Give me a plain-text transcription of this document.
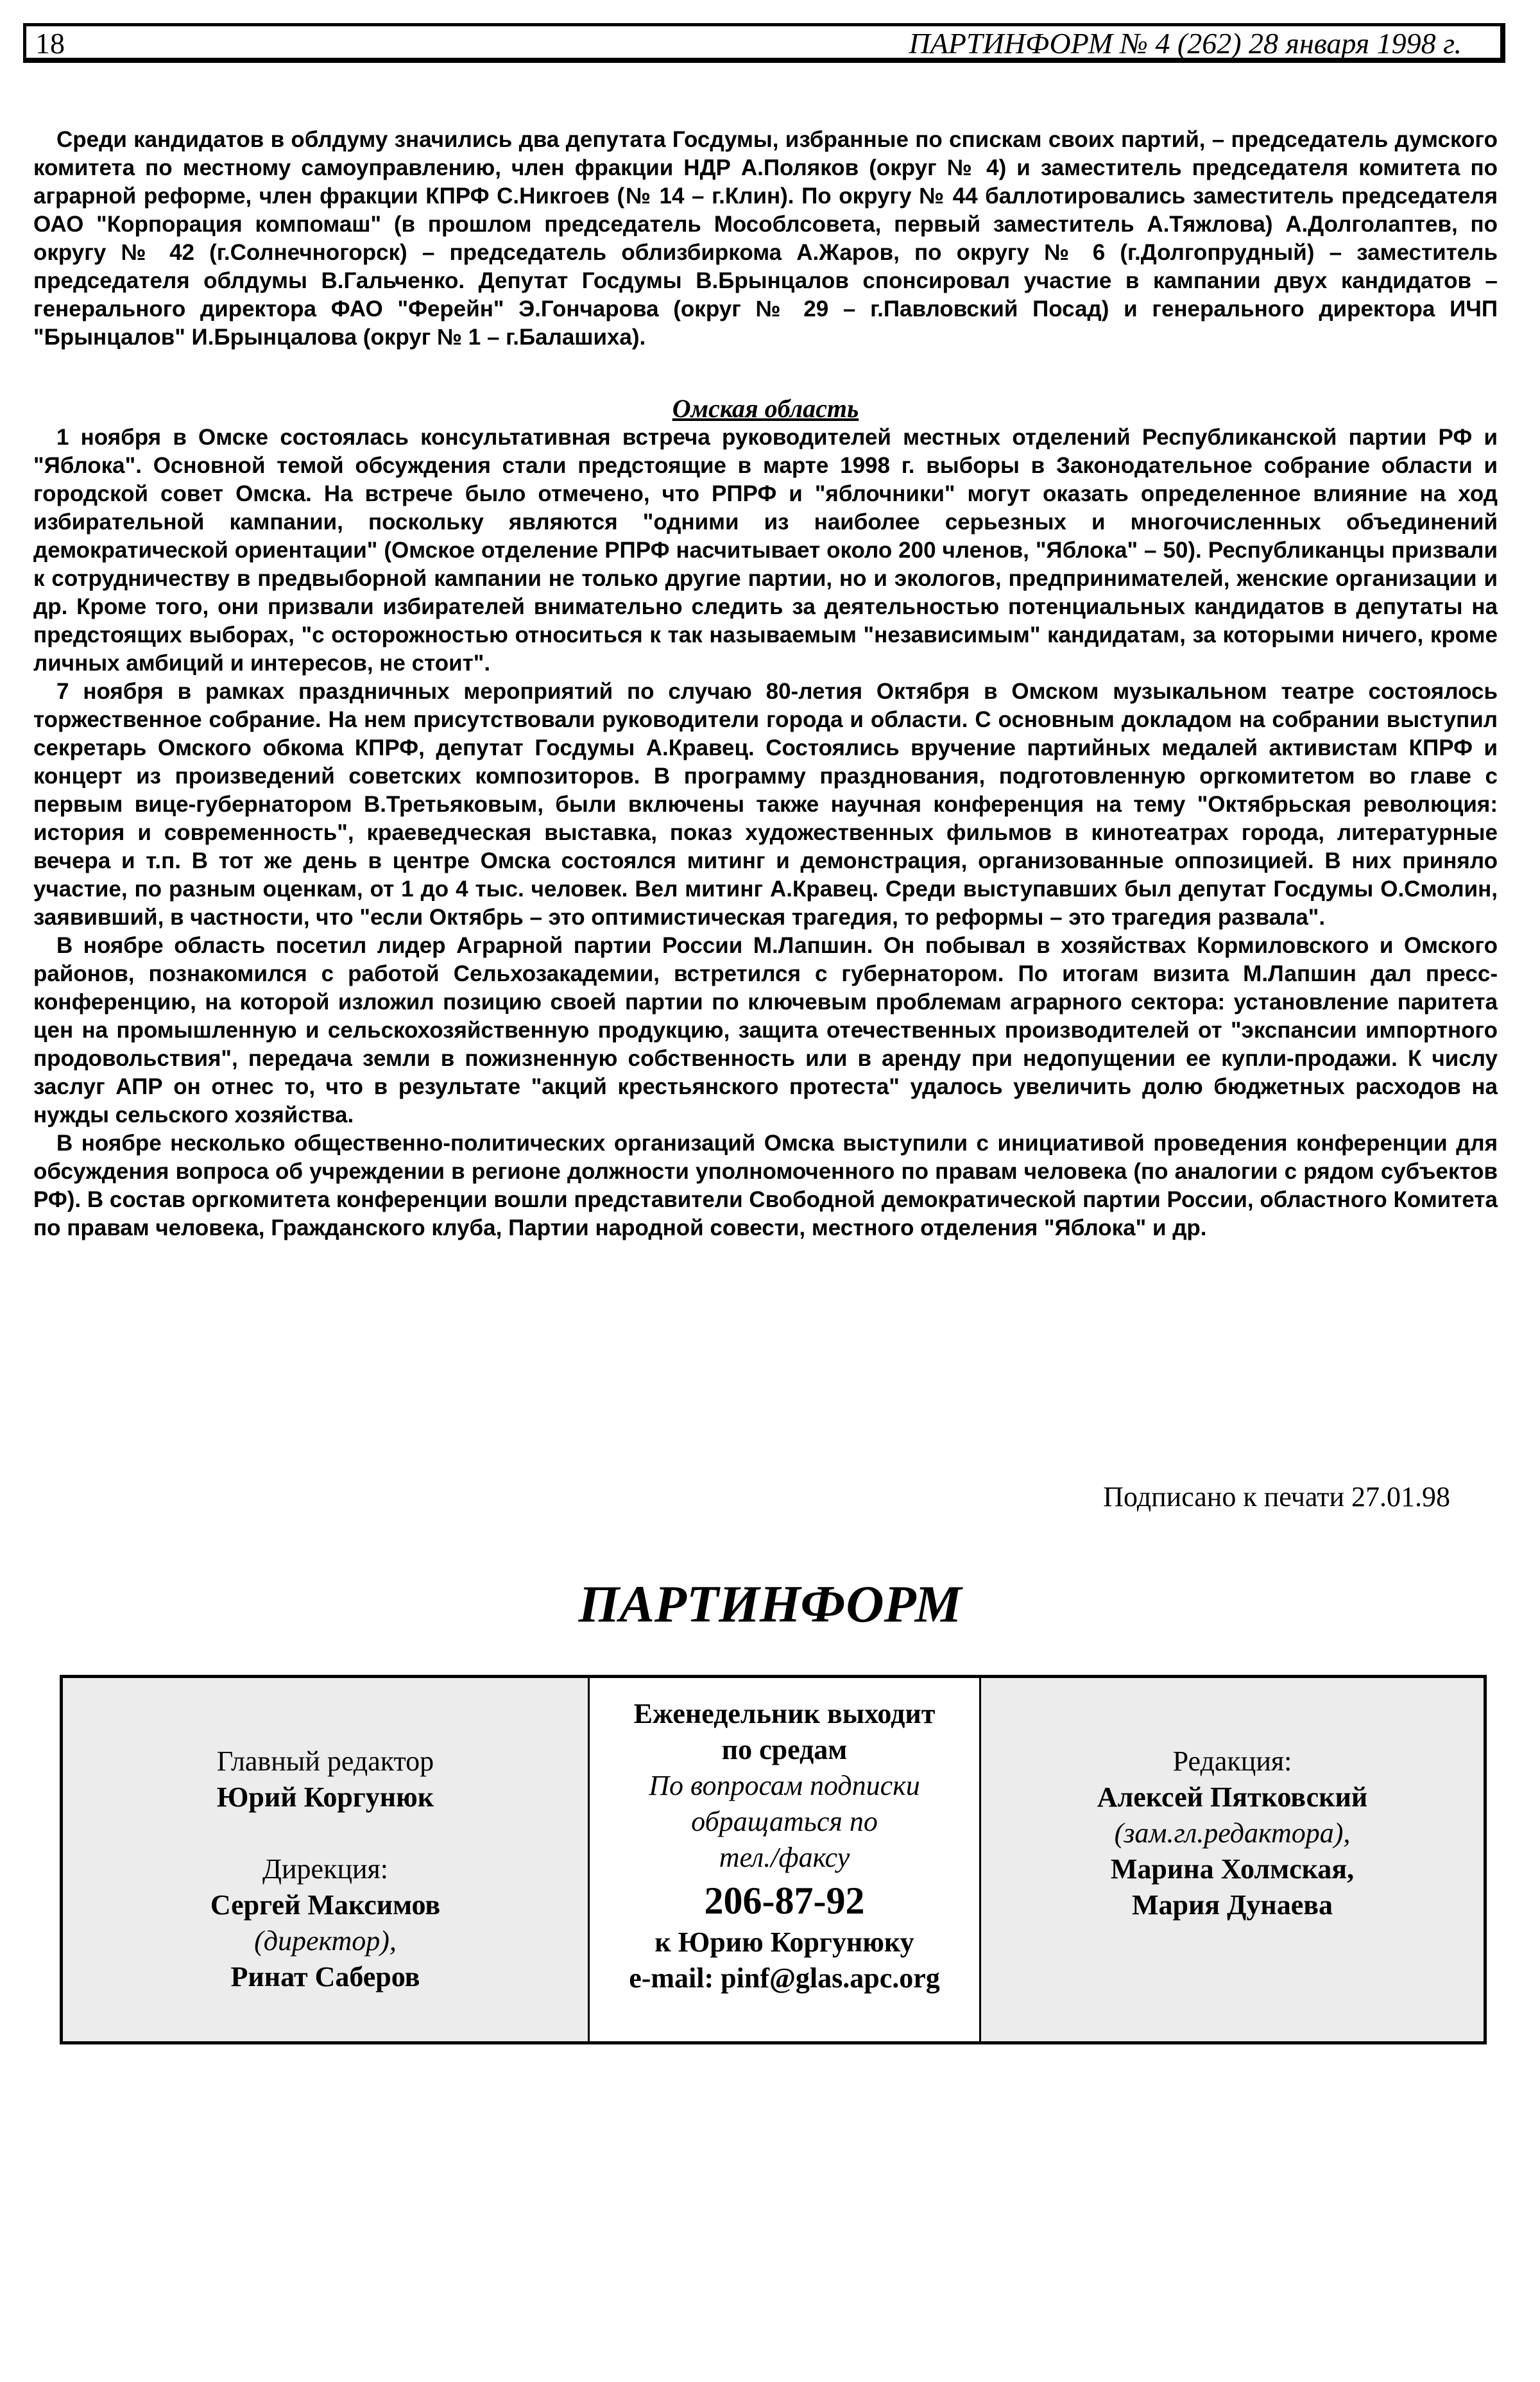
18	ПАРТИНФОРМ № 4 (262) 28 января 1998 г.

Среди кандидатов в облдуму значились два депутата Госдумы, избранные по спискам своих партий, – председатель думского комитета по местному самоуправлению, член фракции НДР А.Поляков (округ № 4) и заместитель председателя комитета по аграрной реформе, член фракции КПРФ С.Никгоев (№ 14 – г.Клин). По округу № 44 баллотировались заместитель председателя ОАО "Корпорация компомаш" (в прошлом председатель Мособлсовета, первый заместитель А.Тяжлова) А.Долголаптев, по округу № 42 (г.Солнечногорск) – председатель облизбиркома А.Жаров, по округу № 6 (г.Долгопрудный) – заместитель председателя облдумы В.Гальченко. Депутат Госдумы В.Брынцалов спонсировал участие в кампании двух кандидатов – генерального директора ФАО "Ферейн" Э.Гончарова (округ № 29 – г.Павловский Посад) и генерального директора ИЧП "Брынцалов" И.Брынцалова (округ № 1 – г.Балашиха).

Омская область

1 ноября в Омске состоялась консультативная встреча руководителей местных отделений Республиканской партии РФ и "Яблока". Основной темой обсуждения стали предстоящие в марте 1998 г. выборы в Законодательное собрание области и городской совет Омска. На встрече было отмечено, что РПРФ и "яблочники" могут оказать определенное влияние на ход избирательной кампании, поскольку являются "одними из наиболее серьезных и многочисленных объединений демократической ориентации" (Омское отделение РПРФ насчитывает около 200 членов, "Яблока" – 50). Республиканцы призвали к сотрудничеству в предвыборной кампании не только другие партии, но и экологов, предпринимателей, женские организации и др. Кроме того, они призвали избирателей внимательно следить за деятельностью потенциальных кандидатов в депутаты на предстоящих выборах, "с осторожностью относиться к так называемым "независимым" кандидатам, за которыми ничего, кроме личных амбиций и интересов, не стоит".

7 ноября в рамках праздничных мероприятий по случаю 80-летия Октября в Омском музыкальном театре состоялось торжественное собрание. На нем присутствовали руководители города и области. С основным докладом на собрании выступил секретарь Омского обкома КПРФ, депутат Госдумы А.Кравец. Состоялись вручение партийных медалей активистам КПРФ и концерт из произведений советских композиторов. В программу празднования, подготовленную оргкомитетом во главе с первым вице-губернатором В.Третьяковым, были включены также научная конференция на тему "Октябрьская революция: история и современность", краеведческая выставка, показ художественных фильмов в кинотеатрах города, литературные вечера и т.п. В тот же день в центре Омска состоялся митинг и демонстрация, организованные оппозицией. В них приняло участие, по разным оценкам, от 1 до 4 тыс. человек. Вел митинг А.Кравец. Среди выступавших был депутат Госдумы О.Смолин, заявивший, в частности, что "если Октябрь – это оптимистическая трагедия, то реформы – это трагедия развала".

В ноябре область посетил лидер Аграрной партии России М.Лапшин. Он побывал в хозяйствах Кормиловского и Омского районов, познакомился с работой Сельхозакадемии, встретился с губернатором. По итогам визита М.Лапшин дал пресс-конференцию, на которой изложил позицию своей партии по ключевым проблемам аграрного сектора: установление паритета цен на промышленную и сельскохозяйственную продукцию, защита отечественных производителей от "экспансии импортного продовольствия", передача земли в пожизненную собственность или в аренду при недопущении ее купли-продажи. К числу заслуг АПР он отнес то, что в результате "акций крестьянского протеста" удалось увеличить долю бюджетных расходов на нужды сельского хозяйства.

В ноябре несколько общественно-политических организаций Омска выступили с инициативой проведения конференции для обсуждения вопроса об учреждении в регионе должности уполномоченного по правам человека (по аналогии с рядом субъектов РФ). В состав оргкомитета конференции вошли представители Свободной демократической партии России, областного Комитета по правам человека, Гражданского клуба, Партии народной совести, местного отделения "Яблока" и др.

Подписано к печати 27.01.98
ПАРТИНФОРМ
Главный редактор
Юрий Коргунюк
Дирекция:
Сергей Максимов
(директор),
Ринат Саберов
Еженедельник выходит
по средам
По вопросам подписки
обращаться по
тел./факсу
206-87-92
к Юрию Коргунюку
e-mail: pinf@glas.apc.org
Редакция:
Алексей Пятковский
(зам.гл.редактора),
Марина Холмская,
Мария Дунаева
